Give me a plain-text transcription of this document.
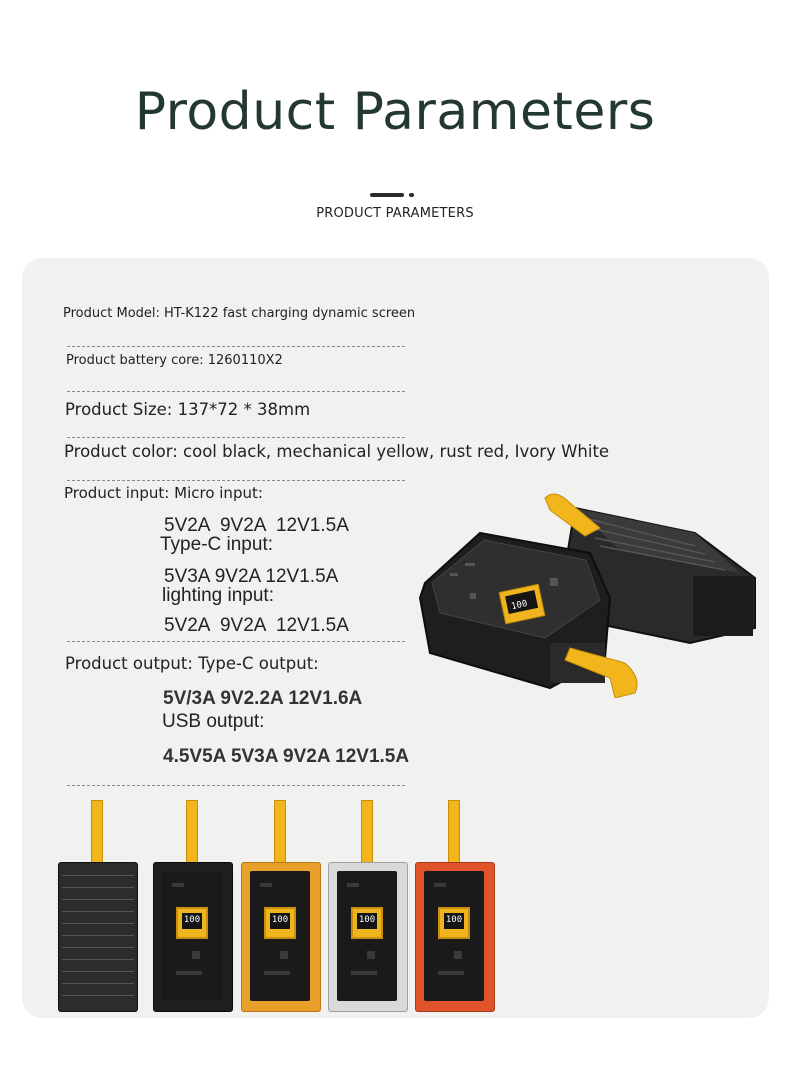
Product Parameters
PRODUCT PARAMETERS
Product Model: HT-K122 fast charging dynamic screen
Product battery core: 1260110X2
Product Size: 137*72 * 38mm
Product color: cool black, mechanical yellow, rust red, Ivory White
Product input: Micro input:
5V2A  9V2A  12V1.5A
Type-C input:
5V3A 9V2A 12V1.5A
lighting input:
5V2A  9V2A  12V1.5A
Product output: Type-C output:
5V/3A 9V2.2A 12V1.6A
USB output:
4.5V5A 5V3A 9V2A 12V1.5A
100
100	100	100	100
